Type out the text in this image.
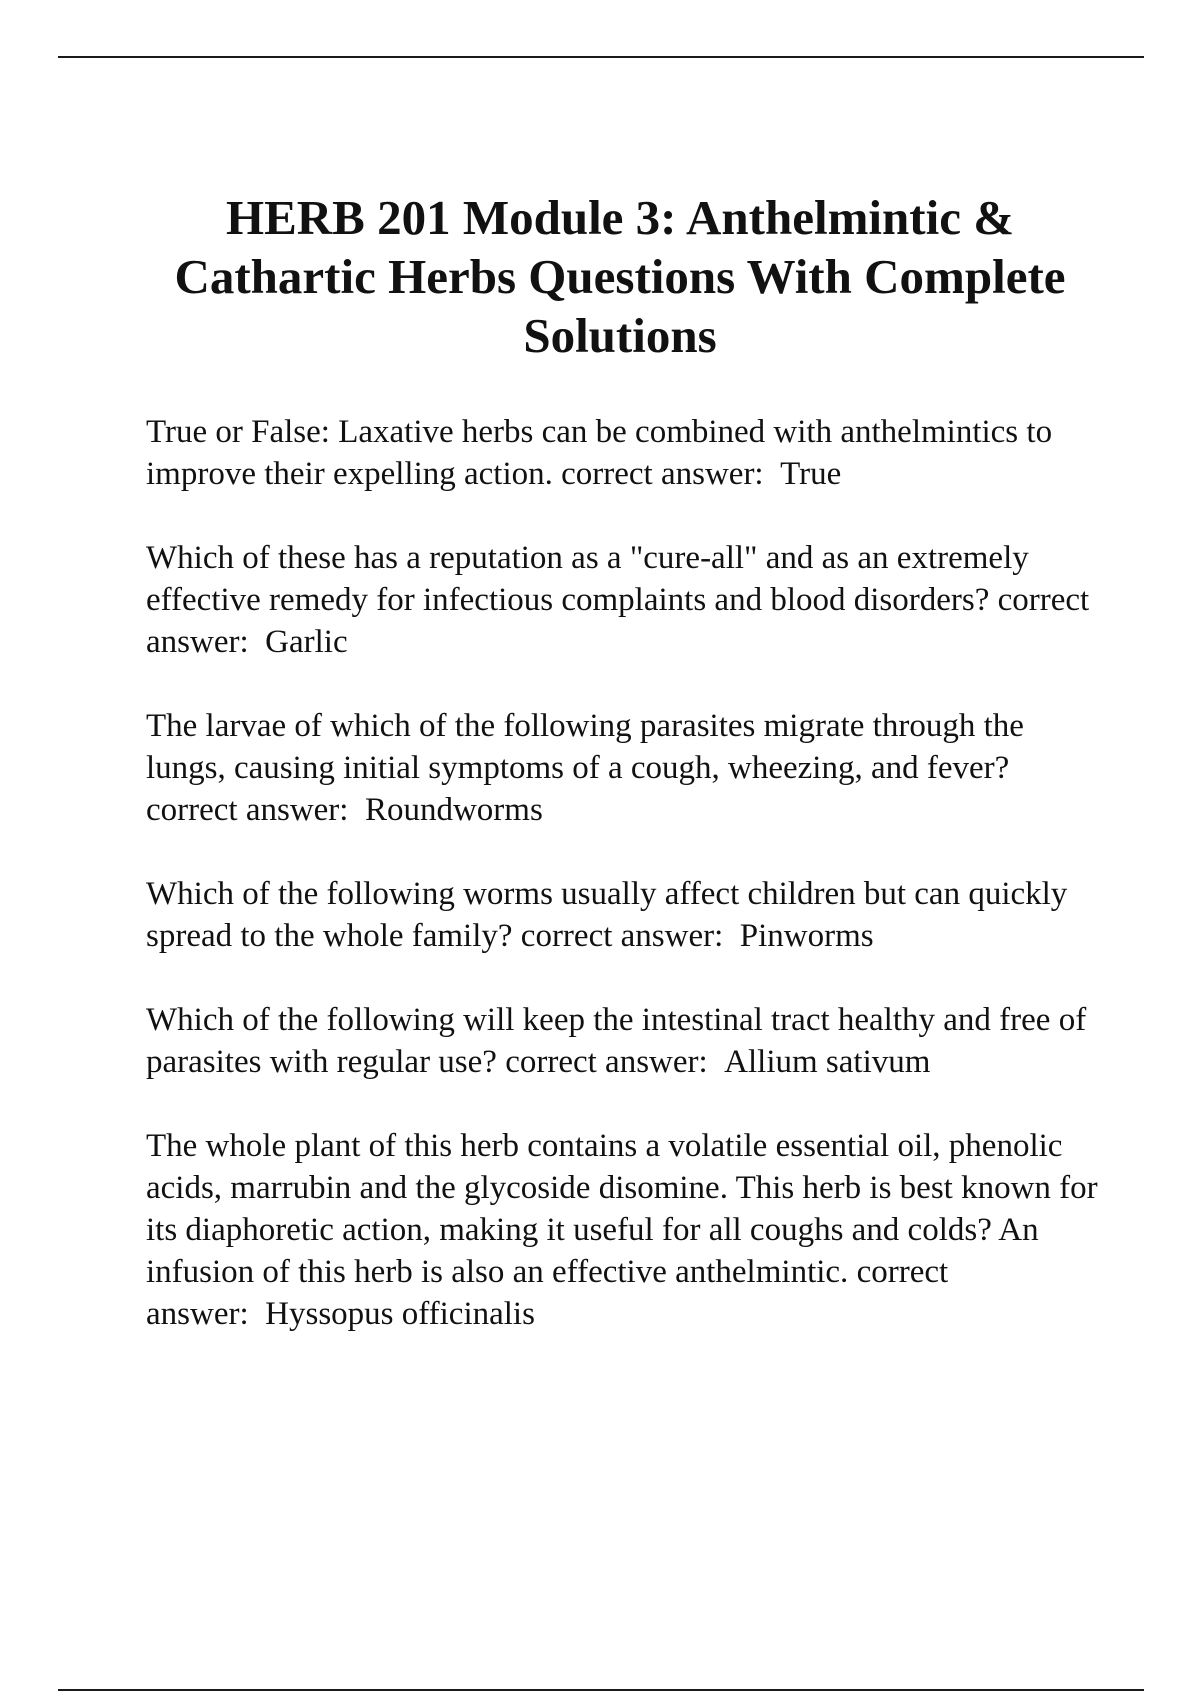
HERB 201 Module 3: Anthelmintic & Cathartic Herbs Questions With Complete Solutions
True or False: Laxative herbs can be combined with anthelmintics to improve their expelling action. correct answer: True
Which of these has a reputation as a "cure-all" and as an extremely effective remedy for infectious complaints and blood disorders? correct answer: Garlic
The larvae of which of the following parasites migrate through the lungs, causing initial symptoms of a cough, wheezing, and fever? correct answer: Roundworms
Which of the following worms usually affect children but can quickly spread to the whole family? correct answer: Pinworms
Which of the following will keep the intestinal tract healthy and free of parasites with regular use? correct answer: Allium sativum
The whole plant of this herb contains a volatile essential oil, phenolic acids, marrubin and the glycoside disomine. This herb is best known for its diaphoretic action, making it useful for all coughs and colds? An infusion of this herb is also an effective anthelmintic. correct answer: Hyssopus officinalis
